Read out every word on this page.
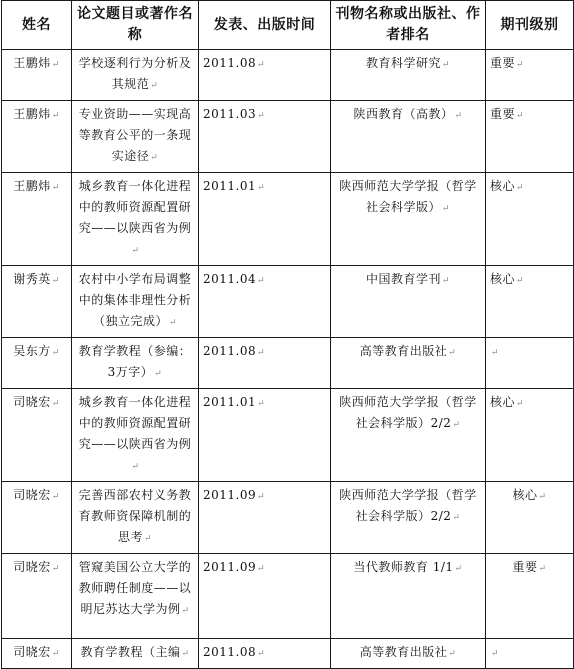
姓名	论文题目或著作名称	发表、出版时间	刊物名称或出版社、作者排名	期刊级别
王鹏炜↵	学校逐利行为分析及其规范↵	2011.08↵	教育科学研究↵	重要↵
王鹏炜↵	专业资助——实现高等教育公平的一条现实途径↵	2011.03↵	陕西教育（高教）↵	重要↵
王鹏炜↵	城乡教育一体化进程中的教师资源配置研究——以陕西省为例↵	2011.01↵	陕西师范大学学报（哲学社会科学版）↵	核心↵
谢秀英↵	农村中小学布局调整中的集体非理性分析（独立完成）↵	2011.04↵	中国教育学刊↵	核心↵
吴东方↵	教育学教程（参编：3万字）↵	2011.08↵	高等教育出版社↵	↵
司晓宏↵	城乡教育一体化进程中的教师资源配置研究——以陕西省为例↵	2011.01↵	陕西师范大学学报（哲学社会科学版）2/2↵	核心↵
司晓宏↵	完善西部农村义务教育教师资保障机制的思考↵	2011.09↵	陕西师范大学学报（哲学社会科学版）2/2↵	核心↵
司晓宏↵	管窥美国公立大学的教师聘任制度——以明尼苏达大学为例↵	2011.09↵	当代教师教育 1/1↵	重要↵
司晓宏↵	教育学教程（主编↵	2011.08↵	高等教育出版社↵	↵
